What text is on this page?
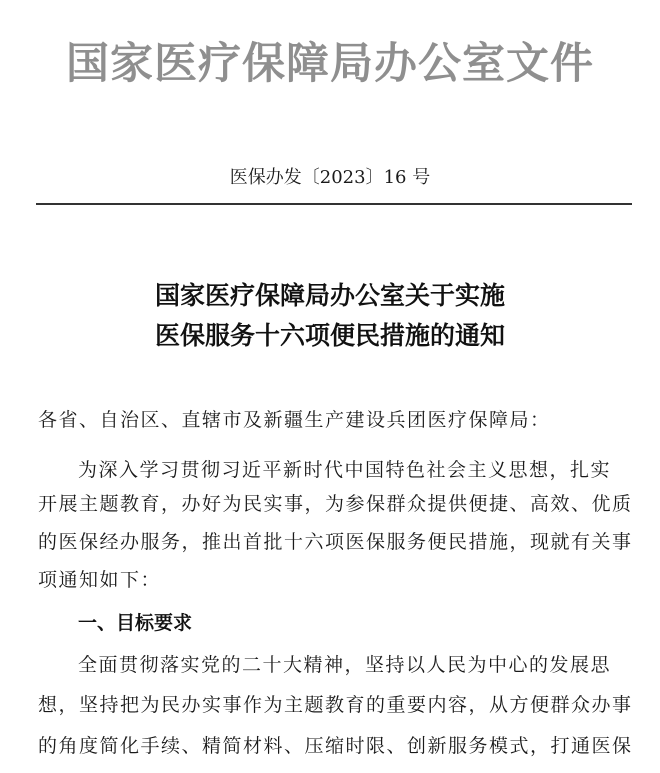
国家医疗保障局办公室文件
医保办发〔2023〕16 号
国家医疗保障局办公室关于实施
医保服务十六项便民措施的通知
各省、自治区、直辖市及新疆生产建设兵团医疗保障局：
为深入学习贯彻习近平新时代中国特色社会主义思想，扎实
开展主题教育，办好为民实事，为参保群众提供便捷、高效、优质
的医保经办服务，推出首批十六项医保服务便民措施，现就有关事
项通知如下：
一、目标要求
全面贯彻落实党的二十大精神，坚持以人民为中心的发展思
想，坚持把为民办实事作为主题教育的重要内容，从方便群众办事
的角度简化手续、精简材料、压缩时限、创新服务模式，打通医保
